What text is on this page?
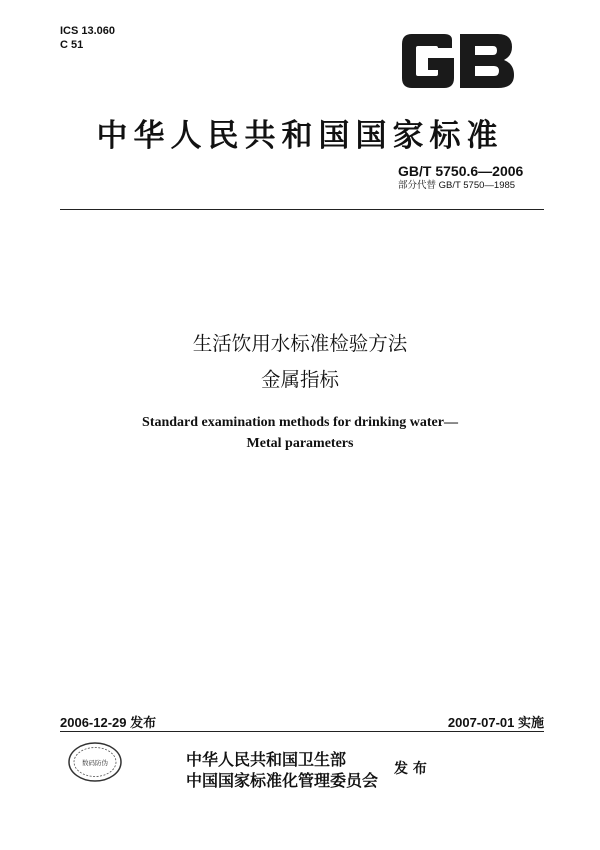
ICS 13.060
C 51
中华人民共和国国家标准
GB/T 5750.6—2006
部分代替 GB/T 5750—1985
生活饮用水标准检验方法
金属指标
Standard examination methods for drinking water—
Metal parameters
2006-12-29 发布	2007-07-01 实施
数码防伪	中华人民共和国卫生部
中国国家标准化管理委员会
发 布
